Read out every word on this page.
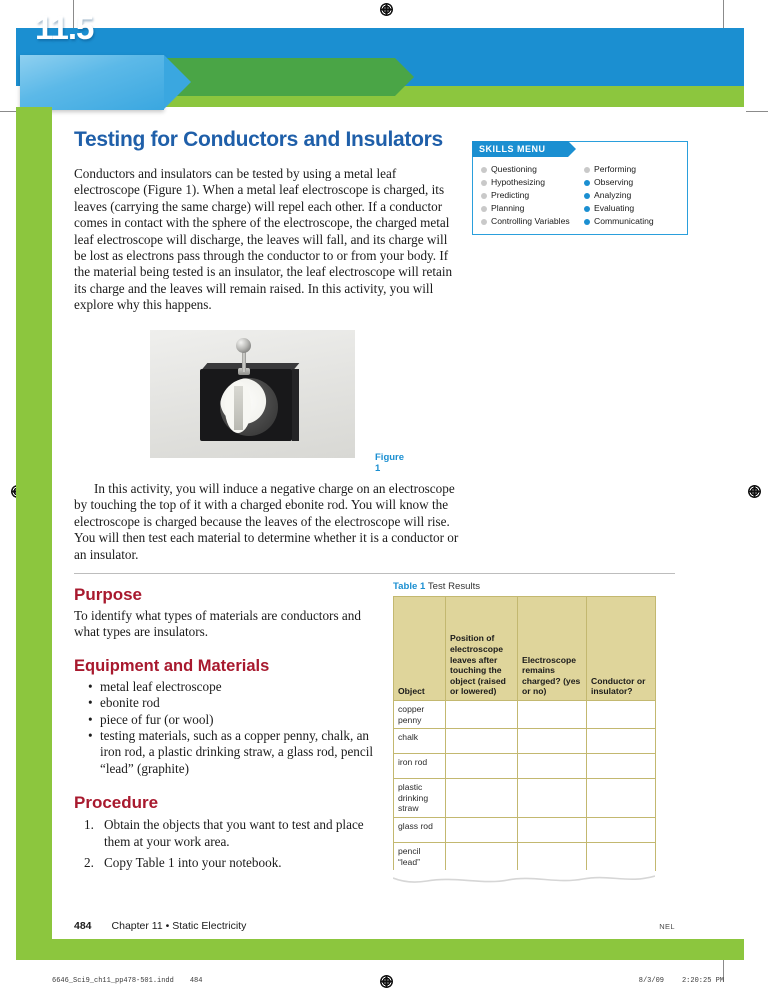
PERFORM AN ACTIVITY
11.5
Testing for Conductors and Insulators

Conductors and insulators can be tested by using a metal leaf electroscope (Figure 1). When a metal leaf electroscope is charged, its leaves (carrying the same charge) will repel each other. If a conductor comes in contact with the sphere of the electroscope, the charged metal leaf electroscope will discharge, the leaves will fall, and its charge will be lost as electrons pass through the conductor to or from your body. If the material being tested is an insulator, the leaf electroscope will retain its charge and the leaves will remain raised. In this activity, you will explore why this happens.

SKILLS MENU
Questioning
Hypothesizing
Predicting
Planning
Controlling Variables
Performing
Observing
Analyzing
Evaluating
Communicating
Figure 1

In this activity, you will induce a negative charge on an electroscope by touching the top of it with a charged ebonite rod. You will know the electroscope is charged because the leaves of the electroscope will rise. You will then test each material to determine whether it is a conductor or an insulator.

Purpose

To identify what types of materials are conductors and what types are insulators.

Equipment and Materials
• metal leaf electroscope
• ebonite rod
• piece of fur (or wool)
• testing materials, such as a copper penny, chalk, an iron rod, a plastic drinking straw, a glass rod, pencil “lead” (graphite)
Procedure
Obtain the objects that you want to test and place them at your work area.
Copy Table 1 into your notebook.
Table 1 Test Results
Object	Position of electroscope leaves after touching the object (raised or lowered)	Electroscope remains charged? (yes or no)	Conductor or insulator?
copper penny			
chalk			
iron rod			
plastic drinking straw			
glass rod			
pencil “lead”			
484 Chapter 11 • Static Electricity	NEL
6646_Sci9_ch11_pp478-501.indd 484	8/3/09	2:20:25 PM
